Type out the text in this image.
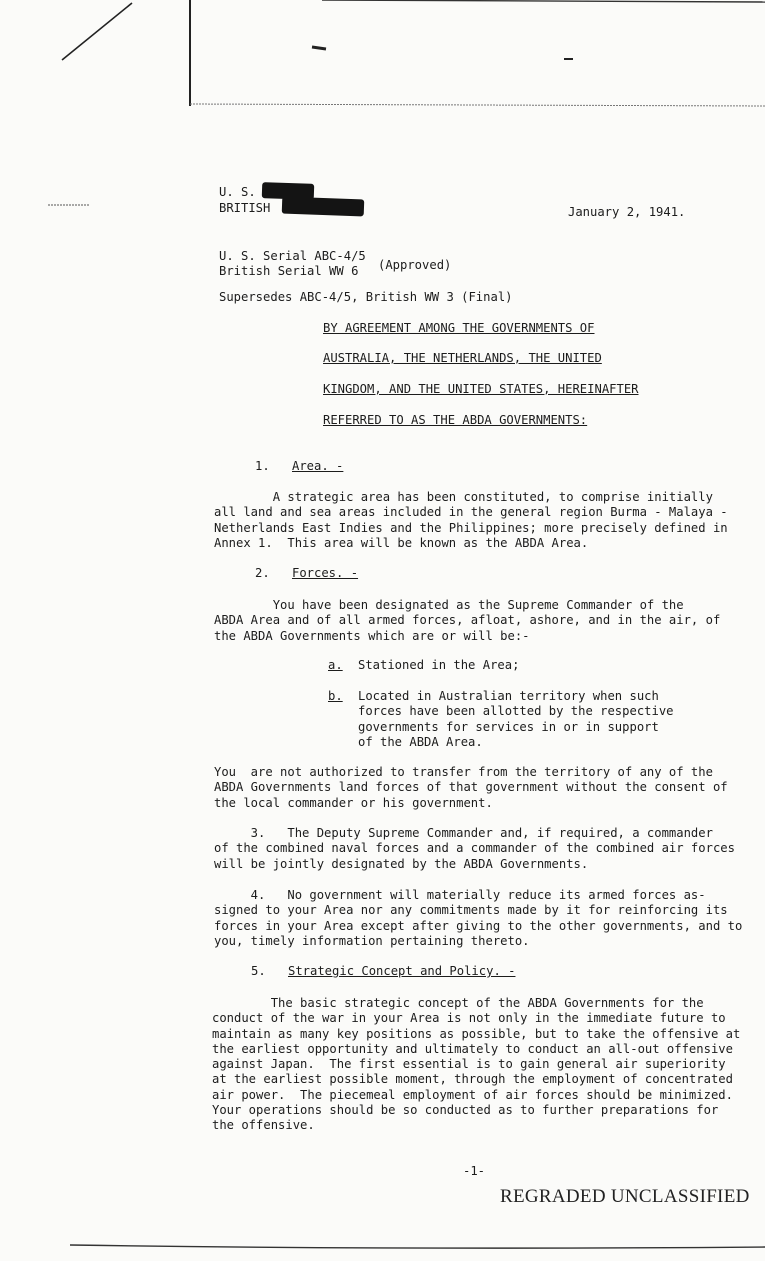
U. S.
BRITISH	January 2, 1941.
U. S. Serial ABC-4/5
British Serial WW 6 (Approved)
Supersedes ABC-4/5, British WW 3 (Final)
BY AGREEMENT AMONG THE GOVERNMENTS OF
AUSTRALIA, THE NETHERLANDS, THE UNITED
KINGDOM, AND THE UNITED STATES, HEREINAFTER
REFERRED TO AS THE ABDA GOVERNMENTS:
1. Area. -
A strategic area has been constituted, to comprise initially
all land and sea areas included in the general region Burma - Malaya -
Netherlands East Indies and the Philippines; more precisely defined in
Annex 1.  This area will be known as the ABDA Area.
2. Forces. -
You have been designated as the Supreme Commander of the
ABDA Area and of all armed forces, afloat, ashore, and in the air, of
the ABDA Governments which are or will be:-
a. Stationed in the Area;
b. Located in Australian territory when such
forces have been allotted by the respective
governments for services in or in support
of the ABDA Area.
You  are not authorized to transfer from the territory of any of the
ABDA Governments land forces of that government without the consent of
the local commander or his government.
3.   The Deputy Supreme Commander and, if required, a commander
of the combined naval forces and a commander of the combined air forces
will be jointly designated by the ABDA Governments.
4.   No government will materially reduce its armed forces as-
signed to your Area nor any commitments made by it for reinforcing its
forces in your Area except after giving to the other governments, and to
you, timely information pertaining thereto.
5. Strategic Concept and Policy. -
The basic strategic concept of the ABDA Governments for the
conduct of the war in your Area is not only in the immediate future to
maintain as many key positions as possible, but to take the offensive at
the earliest opportunity and ultimately to conduct an all-out offensive
against Japan.  The first essential is to gain general air superiority
at the earliest possible moment, through the employment of concentrated
air power.  The piecemeal employment of air forces should be minimized.
Your operations should be so conducted as to further preparations for
the offensive.
-1-
REGRADED UNCLASSIFIED
